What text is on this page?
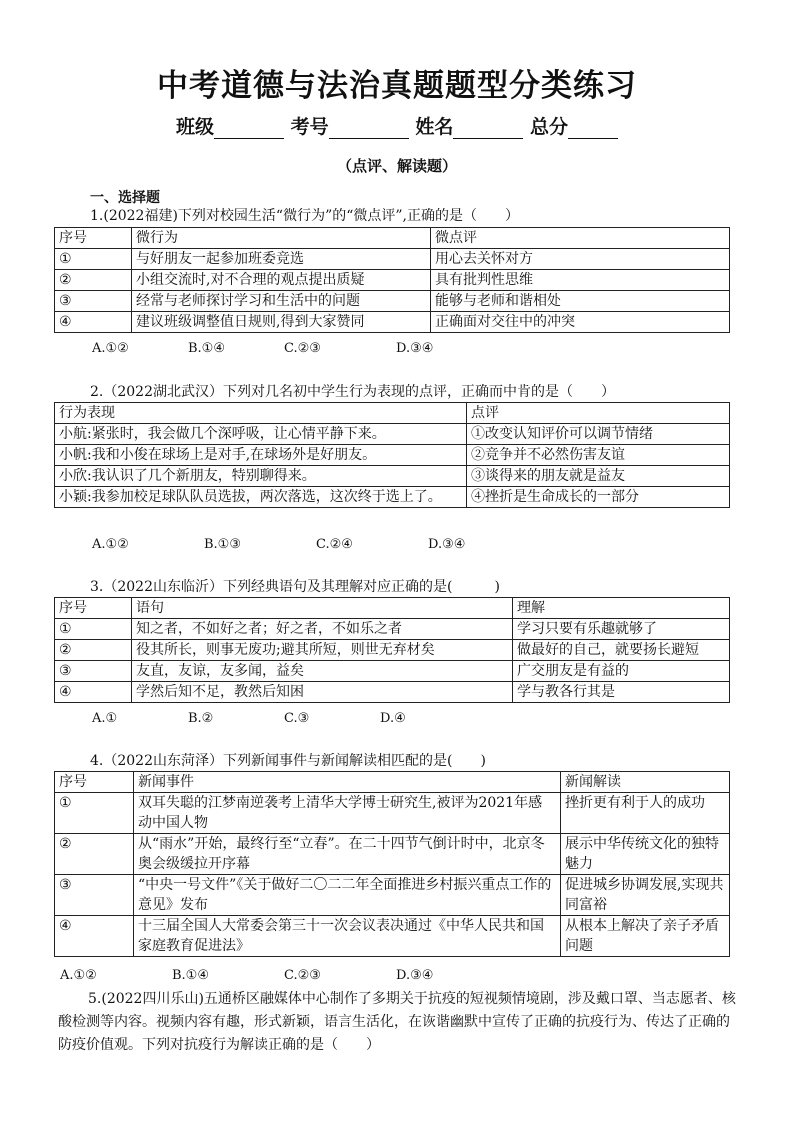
中考道德与法治真题题型分类练习
班级	考号	姓名	总分
（点评、解读题）
一、选择题
1.(2022福建)下列对校园生活“微行为”的“微点评”,正确的是（　　）
序号	微行为	微点评
①	与好朋友一起参加班委竞选	用心去关怀对方
②	小组交流时,对不合理的观点提出质疑	具有批判性思维
③	经常与老师探讨学习和生活中的问题	能够与老师和谐相处
④	建议班级调整值日规则,得到大家赞同	正确面对交往中的冲突
A.①②	B.①④	C.②③	D.③④
2.（2022湖北武汉）下列对几名初中学生行为表现的点评，正确而中肯的是（　　）
行为表现	点评
小航:紧张时，我会做几个深呼吸，让心情平静下来。	①改变认知评价可以调节情绪
小帆:我和小俊在球场上是对手,在球场外是好朋友。	②竞争并不必然伤害友谊
小欣:我认识了几个新朋友，特别聊得来。	③谈得来的朋友就是益友
小颖:我参加校足球队队员选拔，两次落选，这次终于选上了。	④挫折是生命成长的一部分
A.①②	B.①③	C.②④	D.③④
3.（2022山东临沂）下列经典语句及其理解对应正确的是(　　　)
序号	语句	理解
①	知之者，不如好之者；好之者，不如乐之者	学习只要有乐趣就够了
②	役其所长，则事无废功;避其所短，则世无弃材矣	做最好的自己，就要扬长避短
③	友直，友谅，友多闻，益矣	广交朋友是有益的
④	学然后知不足，教然后知困	学与教各行其是
A.①	B.②	C.③	D.④
4.（2022山东菏泽）下列新闻事件与新闻解读相匹配的是(　　)
序号	新闻事件	新闻解读
①	双耳失聪的江梦南逆袭考上清华大学博士研究生,被评为2021年感动中国人物	挫折更有利于人的成功
②	从“雨水”开始，最终行至“立春”。在二十四节气倒计时中，北京冬奥会级缓拉开序幕	展示中华传统文化的独特魅力
③	“中央一号文件”《关于做好二〇二二年全面推进乡村振兴重点工作的意见》发布	促进城乡协调发展,实现共同富裕
④	十三届全国人大常委会第三十一次会议表决通过《中华人民共和国家庭教育促进法》	从根本上解决了亲子矛盾问题
A.①②	B.①④	C.②③	D.③④
5.(2022四川乐山)五通桥区融媒体中心制作了多期关于抗疫的短视频情境剧，涉及戴口罩、当志愿者、核酸检测等内容。视频内容有趣，形式新颖，语言生活化，在诙谐幽默中宣传了正确的抗疫行为、传达了正确的防疫价值观。下列对抗疫行为解读正确的是（　　）
